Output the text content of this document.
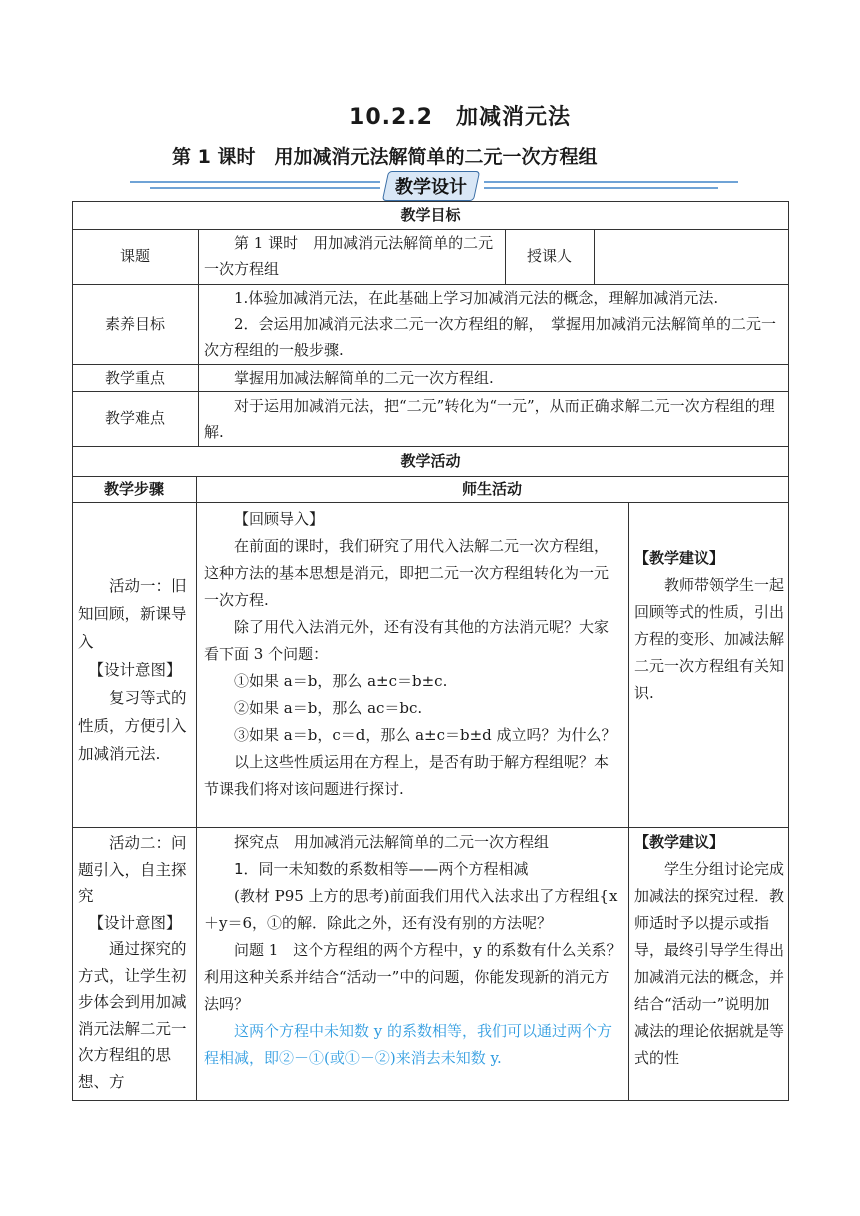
10.2.2　加减消元法
第 1 课时　用加减消元法解简单的二元一次方程组
教学设计
教学目标
课题

第 1 课时　用加减消元法解简单的二元一次方程组

授课人
素养目标

1.体验加减消元法，在此基础上学习加减消元法的概念，理解加减消元法.

2．会运用加减消元法求二元一次方程组的解，　掌握用加减消元法解简单的二元一次方程组的一般步骤.

教学重点	掌握用加减法解简单的二元一次方程组.

教学难点

对于运用加减消元法，把“二元”转化为“一元”，从而正确求解二元一次方程组的理解.

教学活动
教学步骤	师生活动

活动一：旧知回顾，新课导入

【设计意图】

复习等式的性质，方便引入加减消元法.

【回顾导入】

在前面的课时，我们研究了用代入法解二元一次方程组，这种方法的基本思想是消元，即把二元一次方程组转化为一元一次方程.

除了用代入法消元外，还有没有其他的方法消元呢？大家看下面 3 个问题：

①如果 a＝b，那么 a±c＝b±c.

②如果 a＝b，那么 ac＝bc.

③如果 a＝b，c＝d，那么 a±c＝b±d 成立吗？为什么？

以上这些性质运用在方程上，是否有助于解方程组呢？本节课我们将对该问题进行探讨.

【教学建议】

教师带领学生一起回顾等式的性质，引出方程的变形、加减法解二元一次方程组有关知识.

活动二：问题引入，自主探究

【设计意图】

通过探究的方式，让学生初步体会到用加减消元法解二元一次方程组的思想、方

探究点　用加减消元法解简单的二元一次方程组

1．同一未知数的系数相等——两个方程相减

(教材 P95 上方的思考)前面我们用代入法求出了方程组{x＋y＝6，①的解．除此之外，还有没有别的方法呢？

问题 1　这个方程组的两个方程中，y 的系数有什么关系？利用这种关系并结合“活动一”中的问题，你能发现新的消元方法吗？

这两个方程中未知数 y 的系数相等，我们可以通过两个方程相减，即②－①(或①－②)来消去未知数 y.

【教学建议】

学生分组讨论完成加减法的探究过程．教师适时予以提示或指导，最终引导学生得出加减消元法的概念，并结合“活动一”说明加减法的理论依据就是等式的性
